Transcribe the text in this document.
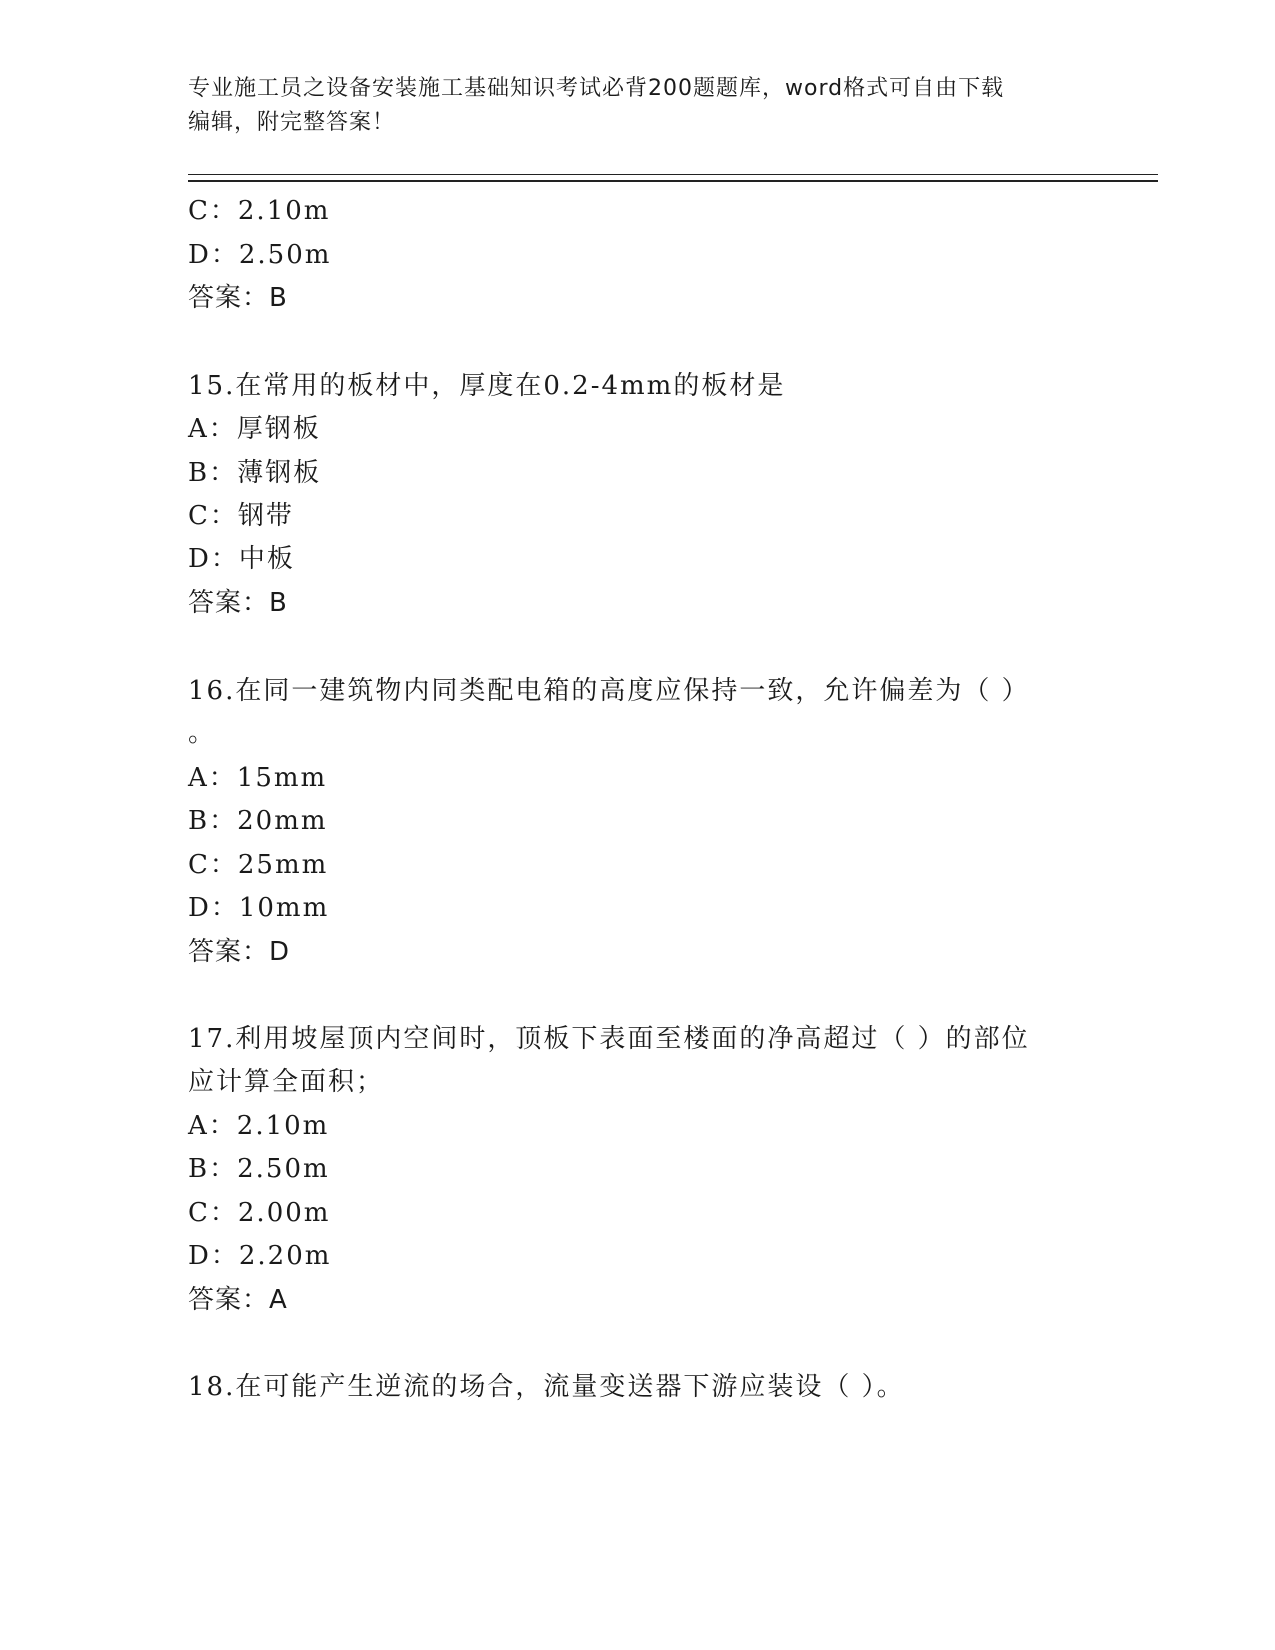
专业施工员之设备安装施工基础知识考试必背200题题库，word格式可自由下载
编辑，附完整答案！
C：2.10m
D：2.50m
答案：B
15.在常用的板材中，厚度在0.2-4mm的板材是
A：厚钢板
B：薄钢板
C：钢带
D：中板
答案：B
16.在同一建筑物内同类配电箱的高度应保持一致，允许偏差为（ ）
。
A：15mm
B：20mm
C：25mm
D：10mm
答案：D
17.利用坡屋顶内空间时，顶板下表面至楼面的净高超过（ ）的部位
应计算全面积；
A：2.10m
B：2.50m
C：2.00m
D：2.20m
答案：A
18.在可能产生逆流的场合，流量变送器下游应装设（ ）。
